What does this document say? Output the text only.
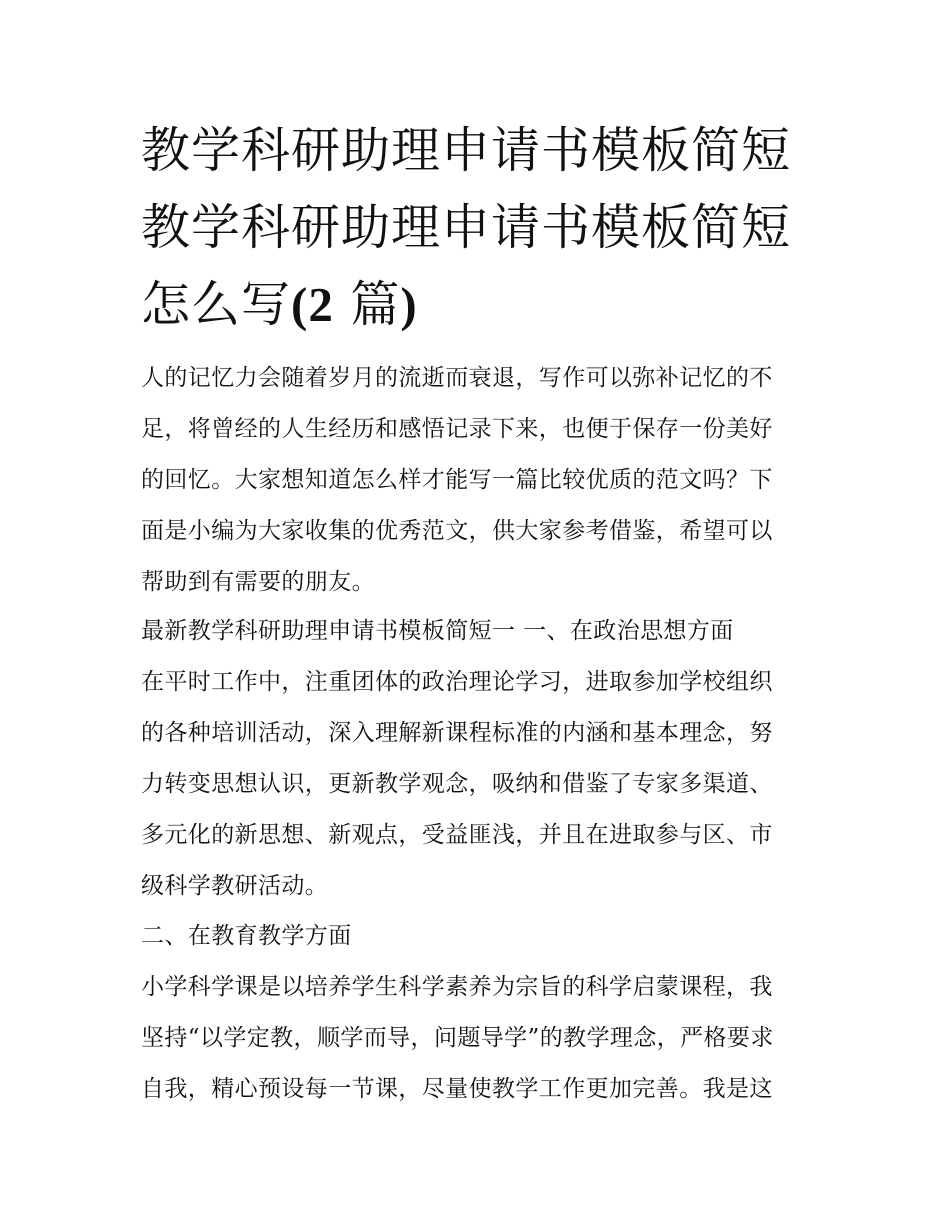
教学科研助理申请书模板简短
教学科研助理申请书模板简短
怎么写(2 篇)
人的记忆力会随着岁月的流逝而衰退，写作可以弥补记忆的不
足，将曾经的人生经历和感悟记录下来，也便于保存一份美好
的回忆。大家想知道怎么样才能写一篇比较优质的范文吗？下
面是小编为大家收集的优秀范文，供大家参考借鉴，希望可以
帮助到有需要的朋友。
最新教学科研助理申请书模板简短一 一、在政治思想方面
在平时工作中，注重团体的政治理论学习，进取参加学校组织
的各种培训活动，深入理解新课程标准的内涵和基本理念，努
力转变思想认识，更新教学观念，吸纳和借鉴了专家多渠道、
多元化的新思想、新观点，受益匪浅，并且在进取参与区、市
级科学教研活动。
二、在教育教学方面
小学科学课是以培养学生科学素养为宗旨的科学启蒙课程，我
坚持“以学定教，顺学而导，问题导学”的教学理念，严格要求
自我，精心预设每一节课，尽量使教学工作更加完善。我是这
